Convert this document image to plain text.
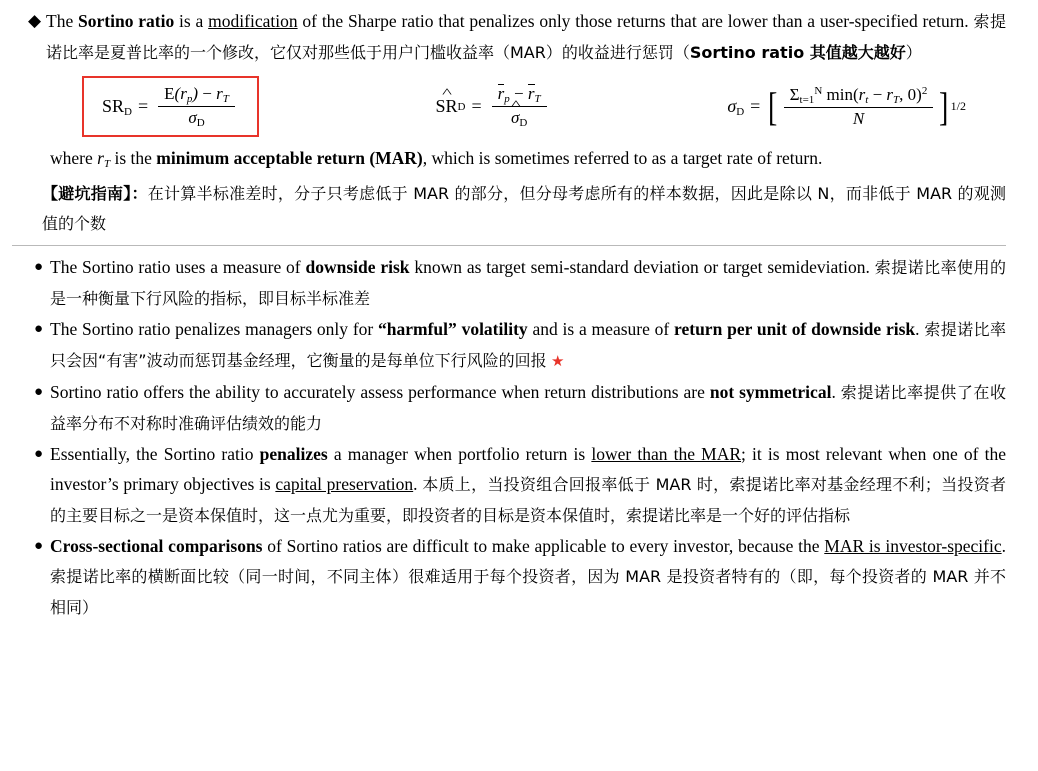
◆ The Sortino ratio is a modification of the Sharpe ratio that penalizes only those returns that are lower than a user-specified return. 索提诺比率是夏普比率的一个修改，它仅对那些低于用户门槛收益率（MAR）的收益进行惩罚（Sortino ratio 其值越大越好）
$SR_D = \frac{E(r_p) - r_T}{\sigma_D}$	^ SR $D = r_p - r_T$
^ $\sigma_D$	$\sigma_D$ = [ $\frac{\Sigma_{t=1}^N \min(r_t - r_T, 0)^2}{N}$ ] 1/2
where $r_T$ is the minimum acceptable return (MAR), which is sometimes referred to as a target rate of return.
【避坑指南】：在计算半标准差时，分子只考虑低于 MAR 的部分，但分母考虑所有的样本数据，因此是除以 N，而非低于 MAR 的观测值的个数
● The Sortino ratio uses a measure of downside risk known as target semi-standard deviation or target semideviation. 索提诺比率使用的是一种衡量下行风险的指标，即目标半标准差
● The Sortino ratio penalizes managers only for “harmful” volatility and is a measure of return per unit of downside risk. 索提诺比率只会因“有害”波动而惩罚基金经理，它衡量的是每单位下行风险的回报 ★
● Sortino ratio offers the ability to accurately assess performance when return distributions are not symmetrical. 索提诺比率提供了在收益率分布不对称时准确评估绩效的能力
● Essentially, the Sortino ratio penalizes a manager when portfolio return is lower than the MAR; it is most relevant when one of the investor’s primary objectives is capital preservation. 本质上，当投资组合回报率低于 MAR 时，索提诺比率对基金经理不利；当投资者的主要目标之一是资本保值时，这一点尤为重要，即投资者的目标是资本保值时，索提诺比率是一个好的评估指标
● Cross-sectional comparisons of Sortino ratios are difficult to make applicable to every investor, because the MAR is investor-specific. 索提诺比率的横断面比较（同一时间，不同主体）很难适用于每个投资者，因为 MAR 是投资者特有的（即，每个投资者的 MAR 并不相同）
